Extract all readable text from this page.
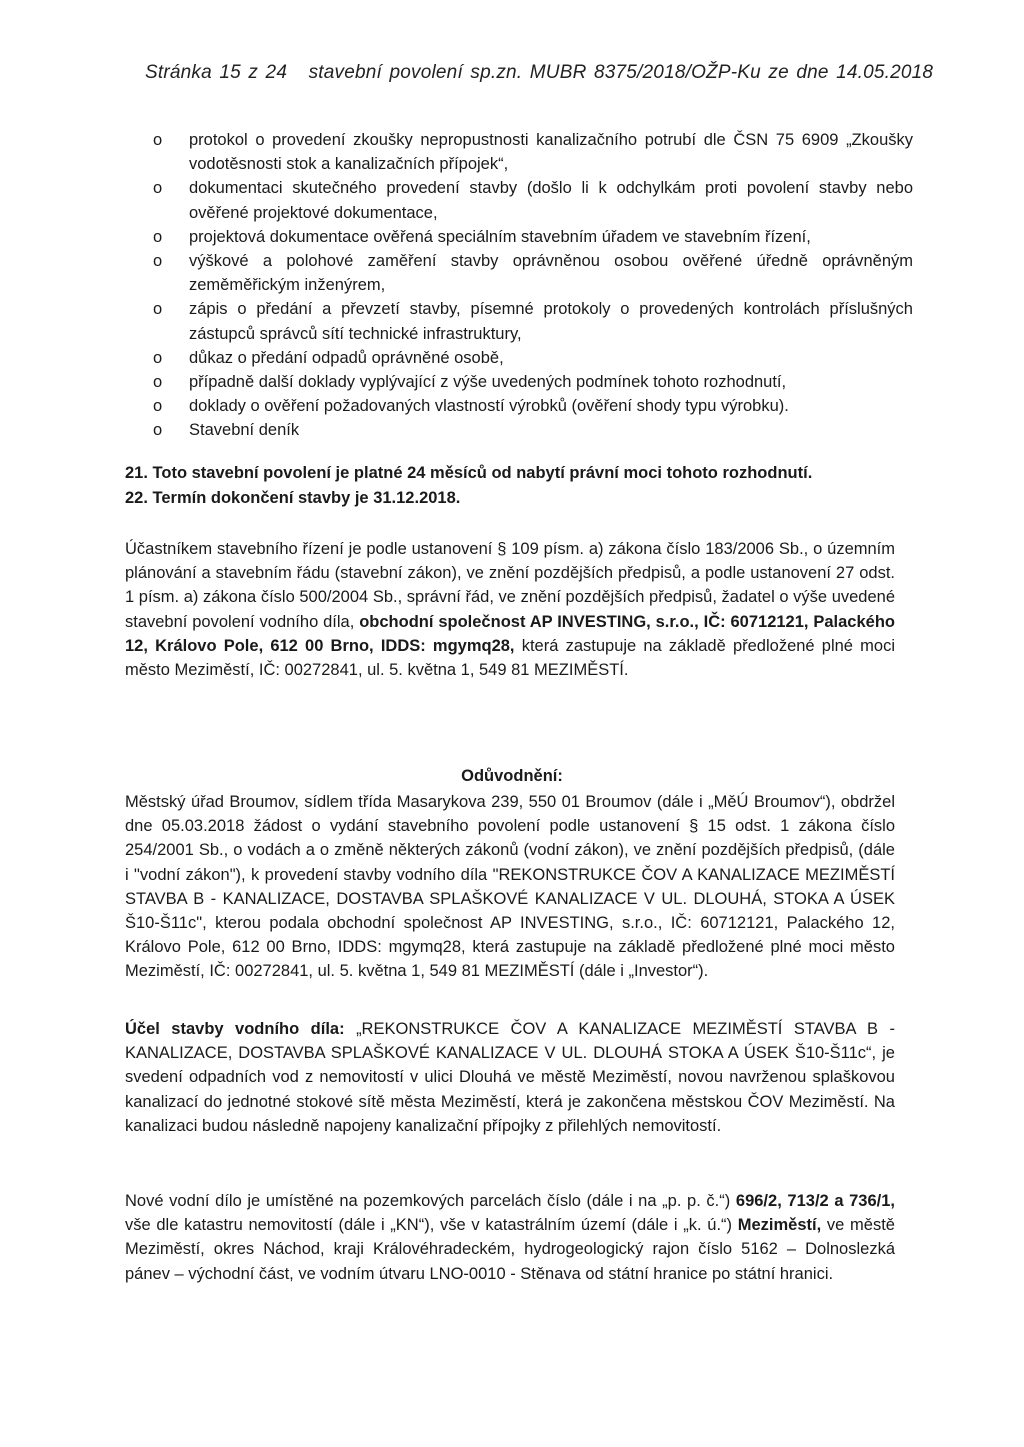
Stránka 15 z 24 stavební povolení sp.zn. MUBR 8375/2018/OŽP-Ku ze dne 14.05.2018
o protokol o provedení zkoušky nepropustnosti kanalizačního potrubí dle ČSN 75 6909 „Zkoušky vodotěsnosti stok a kanalizačních přípojek“,
o dokumentaci skutečného provedení stavby (došlo li k odchylkám proti povolení stavby nebo ověřené projektové dokumentace,
o projektová dokumentace ověřená speciálním stavebním úřadem ve stavebním řízení,
o výškové a polohové zaměření stavby oprávněnou osobou ověřené úředně oprávněným zeměměřickým inženýrem,
o zápis o předání a převzetí stavby, písemné protokoly o provedených kontrolách příslušných zástupců správců sítí technické infrastruktury,
o důkaz o předání odpadů oprávněné osobě,
o případně další doklady vyplývající z výše uvedených podmínek tohoto rozhodnutí,
o doklady o ověření požadovaných vlastností výrobků (ověření shody typu výrobku).
o Stavební deník
21. Toto stavební povolení je platné 24 měsíců od nabytí právní moci tohoto rozhodnutí.
22. Termín dokončení stavby je 31.12.2018.
Účastníkem stavebního řízení je podle ustanovení § 109 písm. a) zákona číslo 183/2006 Sb., o územním plánování a stavebním řádu (stavební zákon), ve znění pozdějších předpisů, a podle ustanovení 27 odst. 1 písm. a) zákona číslo 500/2004 Sb., správní řád, ve znění pozdějších předpisů, žadatel o výše uvedené stavební povolení vodního díla, obchodní společnost AP INVESTING, s.r.o., IČ: 60712121, Palackého 12, Královo Pole, 612 00 Brno, IDDS: mgymq28, která zastupuje na základě předložené plné moci město Meziměstí, IČ: 00272841, ul. 5. května 1, 549 81 MEZIMĚSTÍ.
Odůvodnění:
Městský úřad Broumov, sídlem třída Masarykova 239, 550 01 Broumov (dále i „MěÚ Broumov“), obdržel dne 05.03.2018 žádost o vydání stavebního povolení podle ustanovení § 15 odst. 1 zákona číslo 254/2001 Sb., o vodách a o změně některých zákonů (vodní zákon), ve znění pozdějších předpisů, (dále i "vodní zákon"), k provedení stavby vodního díla "REKONSTRUKCE ČOV A KANALIZACE MEZIMĚSTÍ STAVBA B - KANALIZACE, DOSTAVBA SPLAŠKOVÉ KANALIZACE V UL. DLOUHÁ, STOKA A ÚSEK Š10-Š11c", kterou podala obchodní společnost AP INVESTING, s.r.o., IČ: 60712121, Palackého 12, Královo Pole, 612 00 Brno, IDDS: mgymq28, která zastupuje na základě předložené plné moci město Meziměstí, IČ: 00272841, ul. 5. května 1, 549 81 MEZIMĚSTÍ (dále i „Investor“).
Účel stavby vodního díla: „REKONSTRUKCE ČOV A KANALIZACE MEZIMĚSTÍ STAVBA B - KANALIZACE, DOSTAVBA SPLAŠKOVÉ KANALIZACE V UL. DLOUHÁ STOKA A ÚSEK Š10-Š11c“, je svedení odpadních vod z nemovitostí v ulici Dlouhá ve městě Meziměstí, novou navrženou splaškovou kanalizací do jednotné stokové sítě města Meziměstí, která je zakončena městskou ČOV Meziměstí. Na kanalizaci budou následně napojeny kanalizační přípojky z přilehlých nemovitostí.
Nové vodní dílo je umístěné na pozemkových parcelách číslo (dále i na „p. p. č.“) 696/2, 713/2 a 736/1, vše dle katastru nemovitostí (dále i „KN“), vše v katastrálním území (dále i „k. ú.“) Meziměstí, ve městě Meziměstí, okres Náchod, kraji Královéhradeckém, hydrogeologický rajon číslo 5162 – Dolnoslezká pánev – východní část, ve vodním útvaru LNO-0010 - Stěnava od státní hranice po státní hranici.
